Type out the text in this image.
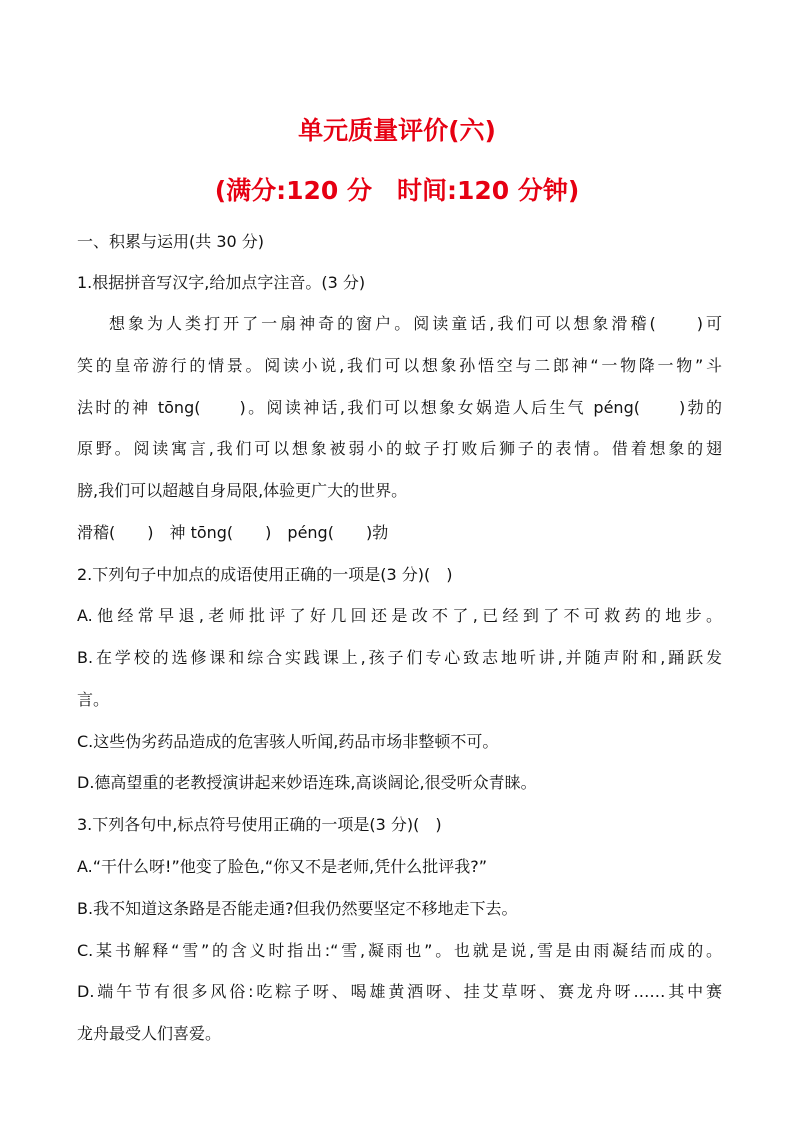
单元质量评价(六)
(满分:120 分　时间:120 分钟)

一、积累与运用(共 30 分)

1.根据拼音写汉字,给加点字注音。(3 分)

想象为人类打开了一扇神奇的窗户。阅读童话,我们可以想象滑稽(　　)可

笑的皇帝游行的情景。阅读小说,我们可以想象孙悟空与二郎神“一物降一物”斗

法时的神 tōng(　　)。阅读神话,我们可以想象女娲造人后生气 péng(　　)勃的

原野。阅读寓言,我们可以想象被弱小的蚊子打败后狮子的表情。借着想象的翅

膀,我们可以超越自身局限,体验更广大的世界。

滑稽(　　)　神 tōng(　　)　péng(　　)勃

2.下列句子中加点的成语使用正确的一项是(3 分)(　)

A.他经常早退,老师批评了好几回还是改不了,已经到了不可救药的地步。

B.在学校的选修课和综合实践课上,孩子们专心致志地听讲,并随声附和,踊跃发

言。

C.这些伪劣药品造成的危害骇人听闻,药品市场非整顿不可。

D.德高望重的老教授演讲起来妙语连珠,高谈阔论,很受听众青睐。

3.下列各句中,标点符号使用正确的一项是(3 分)(　)

A.“干什么呀!”他变了脸色,“你又不是老师,凭什么批评我?”

B.我不知道这条路是否能走通?但我仍然要坚定不移地走下去。

C.某书解释“雪”的含义时指出:“雪,凝雨也”。也就是说,雪是由雨凝结而成的。

D.端午节有很多风俗:吃粽子呀、喝雄黄酒呀、挂艾草呀、赛龙舟呀……其中赛

龙舟最受人们喜爱。
